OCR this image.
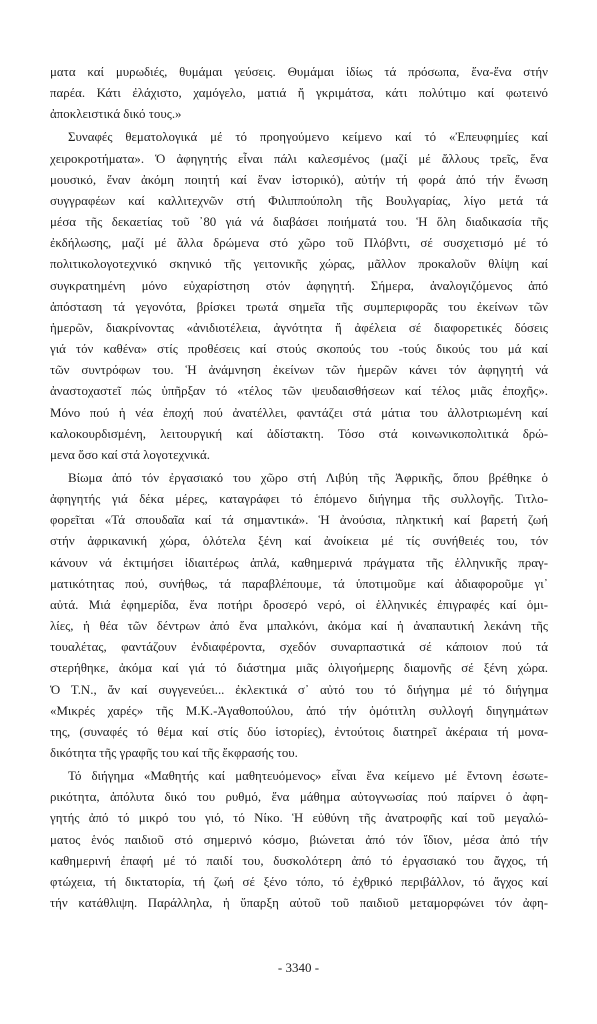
ματα καί μυρωδιές, θυμάμαι γεύσεις. Θυμάμαι ἰδίως τά πρόσωπα, ἕνα-ἕνα στήν
παρέα. Κάτι ἐλάχιστο, χαμόγελο, ματιά ἤ γκριμάτσα, κάτι πολύτιμο καί φωτεινό
ἀποκλειστικά δικό τους.»
Συναφές θεματολογικά μέ τό προηγούμενο κείμενο καί τό «Ἐπευφημίες καί
χειροκροτήματα». Ὁ ἀφηγητής εἶναι πάλι καλεσμένος (μαζί μέ ἄλλους τρεῖς, ἕνα
μουσικό, ἕναν ἀκόμη ποιητή καί ἕναν ἱστορικό), αὐτήν τή φορά ἀπό τήν ἕνωση
συγγραφέων καί καλλιτεχνῶν στή Φιλιππούπολη τῆς Βουλγαρίας, λίγο μετά τά
μέσα τῆς δεκαετίας τοῦ ᾿80 γιά νά διαβάσει ποιήματά του. Ἡ ὅλη διαδικασία τῆς
ἐκδήλωσης, μαζί μέ ἄλλα δρώμενα στό χῶρο τοῦ Πλόβντι, σέ συσχετισμό μέ τό
πολιτικολογοτεχνικό σκηνικό τῆς γειτονικῆς χώρας, μᾶλλον προκαλοῦν θλίψη καί
συγκρατημένη μόνο εὐχαρίστηση στόν ἀφηγητή. Σήμερα, ἀναλογιζόμενος ἀπό
ἀπόσταση τά γεγονότα, βρίσκει τρωτά σημεῖα τῆς συμπεριφορᾶς του ἐκείνων τῶν
ἡμερῶν, διακρίνοντας «ἀνιδιοτέλεια, ἀγνότητα ἤ ἀφέλεια σέ διαφορετικές δόσεις
γιά τόν καθένα» στίς προθέσεις καί στούς σκοπούς του -τούς δικούς του μά καί
τῶν συντρόφων του. Ἡ ἀνάμνηση ἐκείνων τῶν ἡμερῶν κάνει τόν ἀφηγητή νά
ἀναστοχαστεῖ πώς ὑπῆρξαν τό «τέλος τῶν ψευδαισθήσεων καί τέλος μιᾶς ἐποχῆς».
Μόνο πού ἡ νέα ἐποχή πού ἀνατέλλει, φαντάζει στά μάτια του ἀλλοτριωμένη καί
καλοκουρδισμένη, λειτουργική καί ἀδίστακτη. Τόσο στά κοινωνικοπολιτικά δρώ-
μενα ὅσο καί στά λογοτεχνικά.
Βίωμα ἀπό τόν ἐργασιακό του χῶρο στή Λιβύη τῆς Ἀφρικῆς, ὅπου βρέθηκε ὁ
ἀφηγητής γιά δέκα μέρες, καταγράφει τό ἑπόμενο διήγημα τῆς συλλογῆς. Τιτλο-
φορεῖται «Τά σπουδαῖα καί τά σημαντικά». Ἡ ἀνούσια, πληκτική καί βαρετή ζωή
στήν ἀφρικανική χώρα, ὁλότελα ξένη καί ἀνοίκεια μέ τίς συνήθειές του, τόν
κάνουν νά ἐκτιμήσει ἰδιαιτέρως ἁπλά, καθημερινά πράγματα τῆς ἑλληνικῆς πραγ-
ματικότητας πού, συνήθως, τά παραβλέπουμε, τά ὑποτιμοῦμε καί ἀδιαφοροῦμε γι᾿
αὐτά. Μιά ἐφημερίδα, ἕνα ποτήρι δροσερό νερό, οἱ ἑλληνικές ἐπιγραφές καί ὁμι-
λίες, ἡ θέα τῶν δέντρων ἀπό ἕνα μπαλκόνι, ἀκόμα καί ἡ ἀναπαυτική λεκάνη τῆς
τουαλέτας, φαντάζουν ἐνδιαφέροντα, σχεδόν συναρπαστικά σέ κάποιον πού τά
στερήθηκε, ἀκόμα καί γιά τό διάστημα μιᾶς ὀλιγοήμερης διαμονῆς σέ ξένη χώρα.
Ὁ Τ.Ν., ἄν καί συγγενεύει... ἐκλεκτικά σ᾿ αὐτό του τό διήγημα μέ τό διήγημα
«Μικρές χαρές» τῆς Μ.Κ.-Ἀγαθοπούλου, ἀπό τήν ὁμότιτλη συλλογή διηγημάτων
της, (συναφές τό θέμα καί στίς δύο ἱστορίες), ἐντούτοις διατηρεῖ ἀκέραια τή μονα-
δικότητα τῆς γραφῆς του καί τῆς ἔκφρασής του.
Τό διήγημα «Μαθητής καί μαθητευόμενος» εἶναι ἕνα κείμενο μέ ἔντονη ἐσωτε-
ρικότητα, ἀπόλυτα δικό του ρυθμό, ἕνα μάθημα αὐτογνωσίας πού παίρνει ὁ ἀφη-
γητής ἀπό τό μικρό του γιό, τό Νίκο. Ἡ εὐθύνη τῆς ἀνατροφῆς καί τοῦ μεγαλώ-
ματος ἑνός παιδιοῦ στό σημερινό κόσμο, βιώνεται ἀπό τόν ἴδιον, μέσα ἀπό τήν
καθημερινή ἐπαφή μέ τό παιδί του, δυσκολότερη ἀπό τό ἐργασιακό του ἄγχος, τή
φτώχεια, τή δικτατορία, τή ζωή σέ ξένο τόπο, τό ἐχθρικό περιβάλλον, τό ἄγχος καί
τήν κατάθλιψη. Παράλληλα, ἡ ὕπαρξη αὐτοῦ τοῦ παιδιοῦ μεταμορφώνει τόν ἀφη-
- 3340 -
